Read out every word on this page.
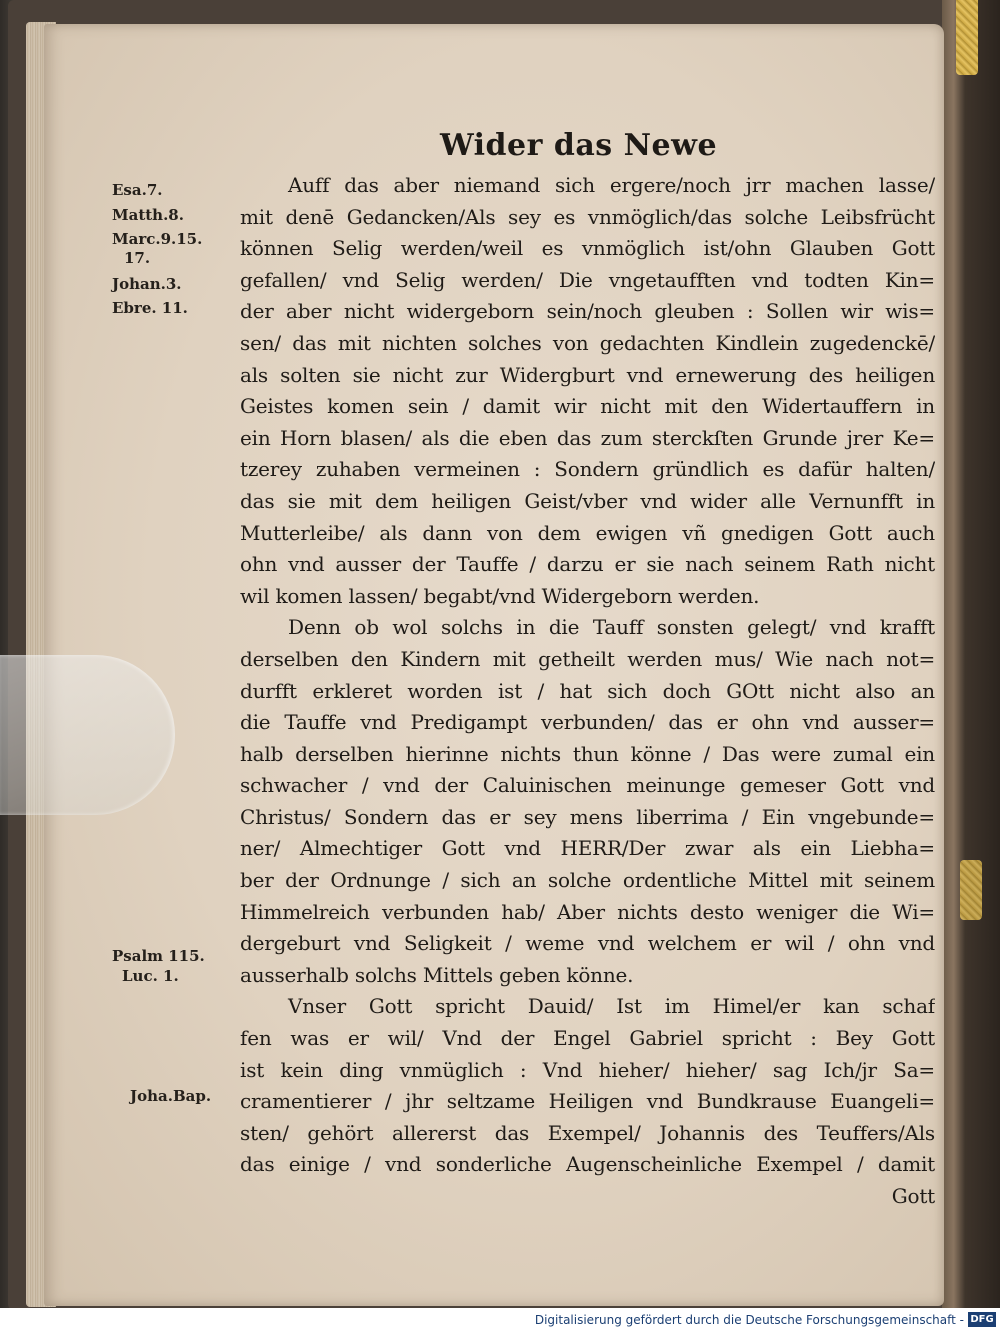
Wider das Newe
Esa.7.
Matth.8.
Marc.9.15.
17.
Johan.3.
Ebre. 11.
Psalm 115.
Luc. 1.
Joha.Bap.
Auff das aber niemand sich ergere/noch jrr machen lasse/
mit denē Gedancken/Als sey es vnmöglich/das solche Leibsfrücht
können Selig werden/weil es vnmöglich ist/ohn Glauben Gott
gefallen/ vnd Selig werden/ Die vngetaufften vnd todten Kin=
der aber nicht widergeborn sein/noch gleuben : Sollen wir wis=
sen/ das mit nichten solches von gedachten Kindlein zugedenckē/
als solten sie nicht zur Widergburt vnd ernewerung des heiligen
Geistes komen sein / damit wir nicht mit den Widertauffern in
ein Horn blasen/ als die eben das zum sterckſten Grunde jrer Ke=
tzerey zuhaben vermeinen : Sondern gründlich es dafür halten/
das sie mit dem heiligen Geist/vber vnd wider alle Vernunfft in
Mutterleibe/ als dann von dem ewigen vñ gnedigen Gott auch
ohn vnd ausser der Tauffe / darzu er sie nach seinem Rath nicht
wil komen lassen/ begabt/vnd Widergeborn werden.
Denn ob wol solchs in die Tauff sonsten gelegt/ vnd krafft
derselben den Kindern mit getheilt werden mus/ Wie nach not=
durfft erkleret worden ist / hat sich doch GOtt nicht also an
die Tauffe vnd Predigampt verbunden/ das er ohn vnd ausser=
halb derselben hierinne nichts thun könne / Das were zumal ein
schwacher / vnd der Caluinischen meinunge gemeser Gott vnd
Christus/ Sondern das er sey mens liberrima / Ein vngebunde=
ner/ Almechtiger Gott vnd HERR/Der zwar als ein Liebha=
ber der Ordnunge / sich an solche ordentliche Mittel mit seinem
Himmelreich verbunden hab/ Aber nichts desto weniger die Wi=
dergeburt vnd Seligkeit / weme vnd welchem er wil / ohn vnd
ausserhalb solchs Mittels geben könne.
Vnser Gott spricht Dauid/ Ist im Himel/er kan schaf
fen was er wil/ Vnd der Engel Gabriel spricht : Bey Gott
ist kein ding vnmüglich : Vnd hieher/ hieher/ sag Ich/jr Sa=
cramentierer / jhr seltzame Heiligen vnd Bundkrause Euangeli=
sten/ gehört allererst das Exempel/ Johannis des Teuffers/Als
das einige / vnd sonderliche Augenscheinliche Exempel / damit
Gott
Digitalisierung gefördert durch die Deutsche Forschungsgemeinschaft - DFG
